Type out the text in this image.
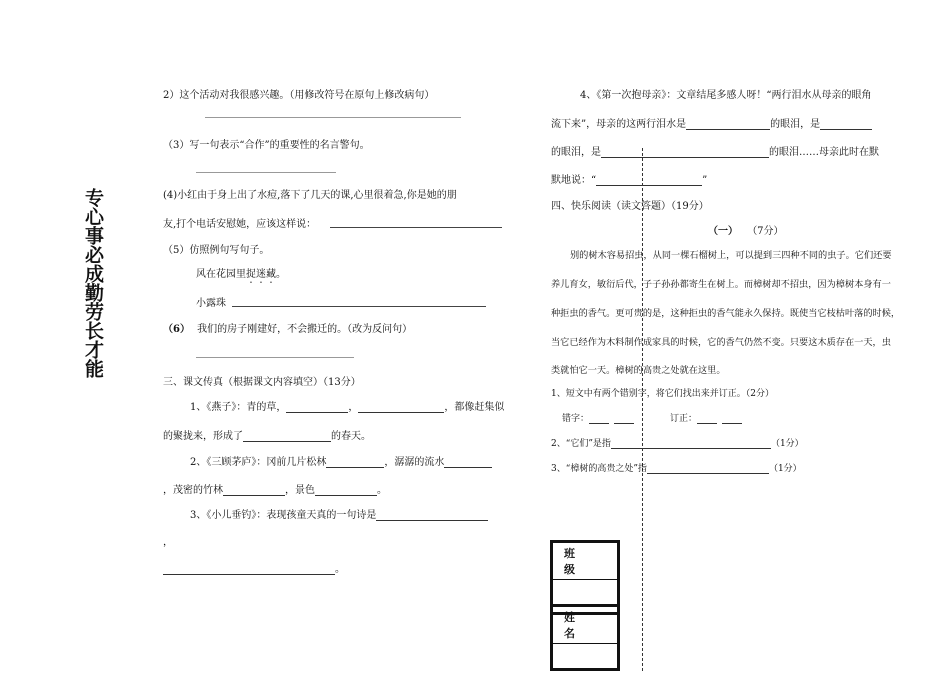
专心事必成勤劳长才能
2）这个活动对我很感兴趣。（用修改符号在原句上修改病句）
（3）写一句表示“合作”的重要性的名言警句。
(4)小红由于身上出了水痘,落下了几天的课,心里很着急,你是她的朋
友,打个电话安慰她，应该这样说：
（5）仿照例句写句子。
风在花园里捉迷藏。
小露珠
（6） 我们的房子刚建好，不会搬迁的。（改为反问句）
三、课文传真（根据课文内容填空）（13分）
1、《燕子》：青的草，	，	，都像赶集似
的聚拢来，形成了	的春天。
2、《三顾茅庐》：冈前几片松林	，潺潺的流水
，茂密的竹林	，景色	。
3、《小儿垂钓》：表现孩童天真的一句诗是
，
。
4、《第一次抱母亲》：文章结尾多感人呀！“两行泪水从母亲的眼角
流下来”，母亲的这两行泪水是	的眼泪，是
的眼泪，是	的眼泪……母亲此时在默
默地说：“	”
四、快乐阅读（读文答题）（19分）
（一） （7分）
别的树木容易招虫，从同一棵石榴树上，可以提到三四种不同的虫子。它们还要
养儿育女，敏衍后代，子子孙孙都寄生在树上。而樟树却不招虫，因为樟树本身有一
种拒虫的香气。更可贵的是，这种拒虫的香气能永久保持。既使当它枝枯叶落的时候，
当它已经作为木料制作成家具的时候，它的香气仍然不变。只要这木质存在一天，虫
类就怕它一天。樟树的高贵之处就在这里。
1、短文中有两个错别字，将它们找出来并订正。（2分）
错字：	订正：
2、“它们”是指	（1分）
3、“樟树的高贵之处”指	（1分）
班　级
姓　名
